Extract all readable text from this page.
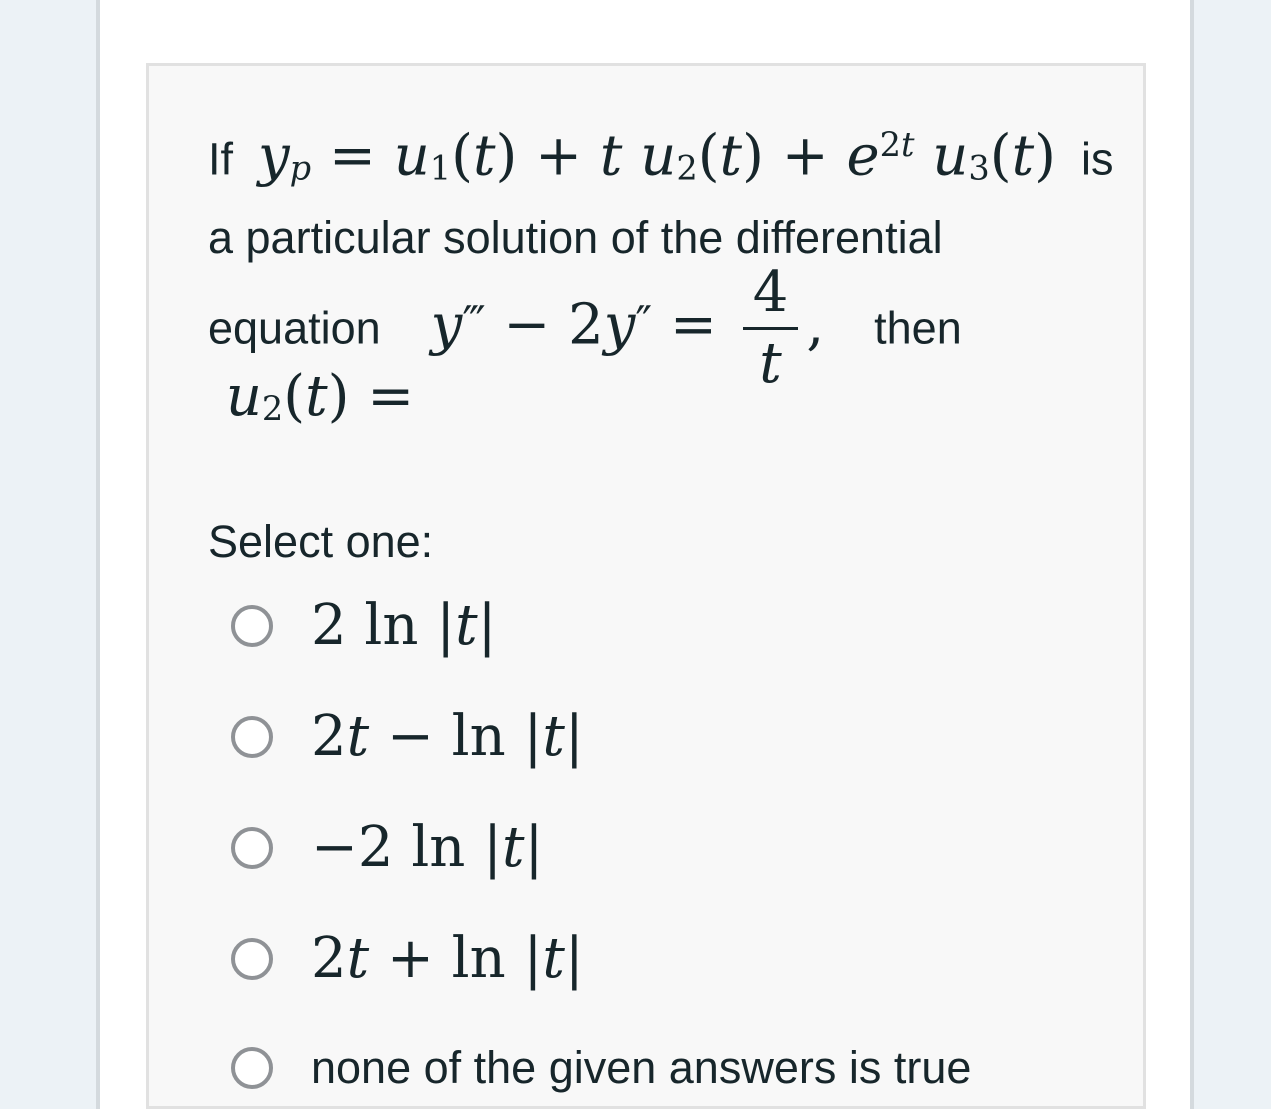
If  yp = u1(t) + t $u2(t) + e^{2t}$ u3(t)  is
a particular solution of the differential
equation    y‴ − $2y'' = \frac{4}{t}$ ,    then
u2(t) =
Select one:
2 ln |t|
2t − ln |t|
−2 ln |t|
2t + ln |t|
none of the given answers is true
